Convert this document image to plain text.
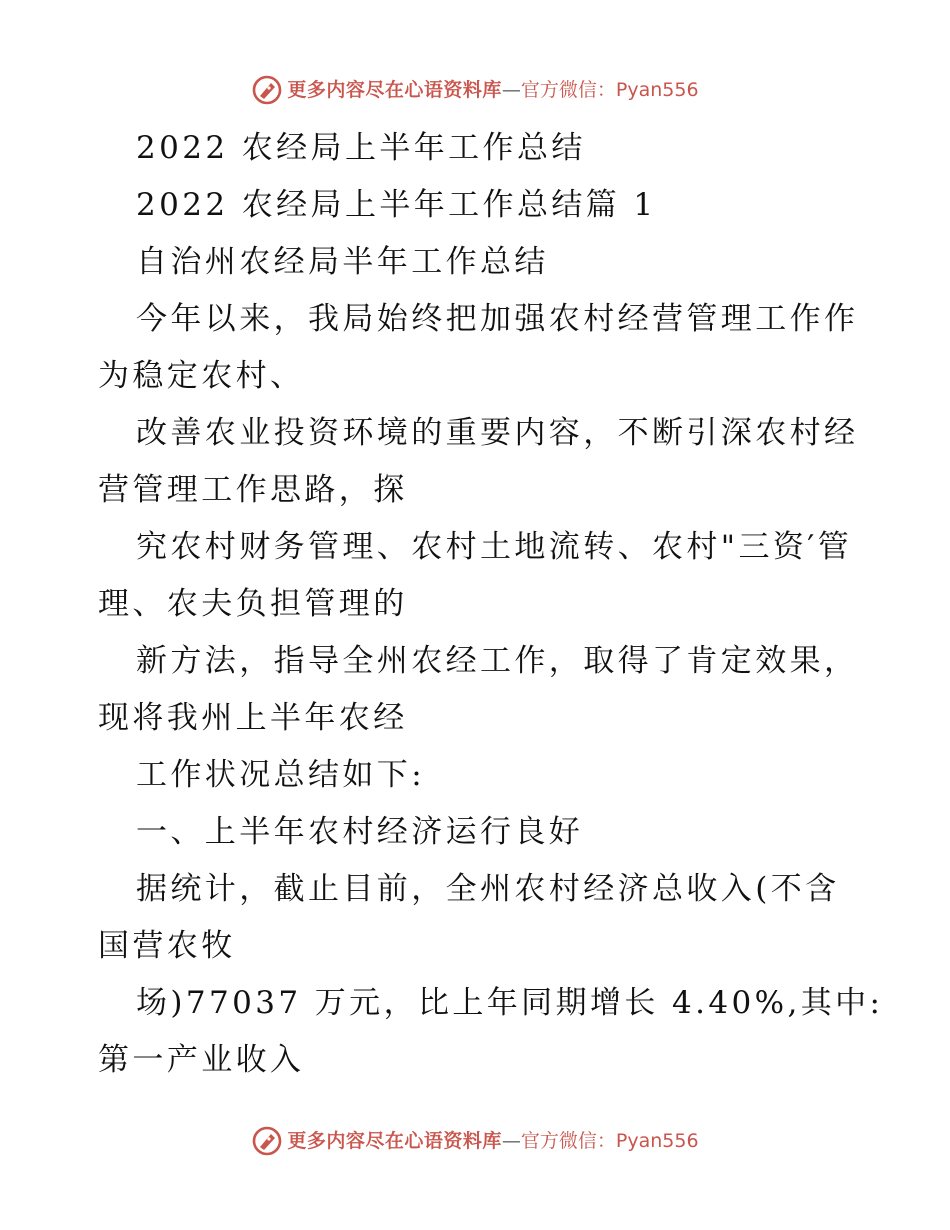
更多内容尽在心语资料库 — 官方微信：Pyan556
2022 农经局上半年工作总结
2022 农经局上半年工作总结篇 1
自治州农经局半年工作总结
今年以来，我局始终把加强农村经营管理工作作
为稳定农村、
改善农业投资环境的重要内容，不断引深农村经
营管理工作思路，探
究农村财务管理、农村土地流转、农村"三资′管
理、农夫负担管理的
新方法，指导全州农经工作，取得了肯定效果，
现将我州上半年农经
工作状况总结如下:
一、上半年农村经济运行良好
据统计，截止目前，全州农村经济总收入(不含
国营农牧
场)77037 万元，比上年同期增长 4.40%,其中:
第一产业收入
更多内容尽在心语资料库 — 官方微信：Pyan556
